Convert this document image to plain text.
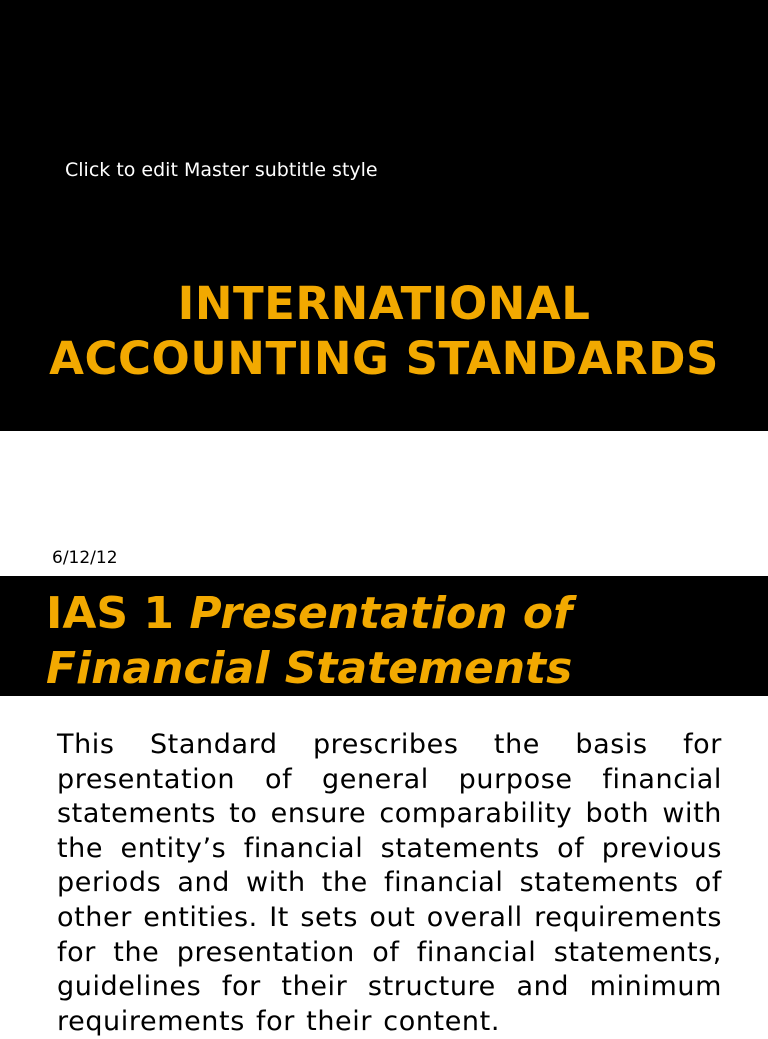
Click to edit Master subtitle style
INTERNATIONAL
ACCOUNTING STANDARDS
6/12/12
IAS 1 Presentation of
Financial Statements
This Standard prescribes the basis for presentation of general purpose financial statements to ensure comparability both with the entity’s financial statements of previous periods and with the financial statements of other entities. It sets out overall requirements for the presentation of financial statements, guidelines for their structure and minimum requirements for their content.
